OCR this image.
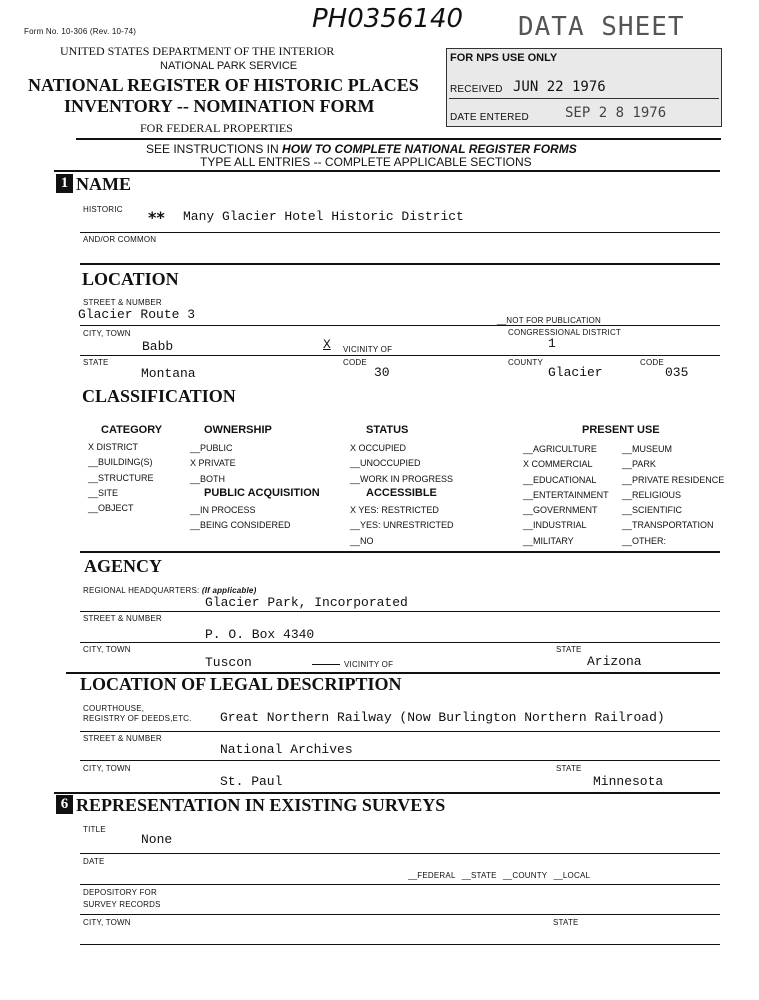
Form No. 10-306 (Rev. 10-74)	PH0356140 DATA SHEET
UNITED STATES DEPARTMENT OF THE INTERIOR
NATIONAL PARK SERVICE
NATIONAL REGISTER OF HISTORIC PLACES
INVENTORY -- NOMINATION FORM
FOR FEDERAL PROPERTIES
FOR NPS USE ONLY
RECEIVED JUN 22 1976
DATE ENTERED	SEP 2 8 1976
SEE INSTRUCTIONS IN HOW TO COMPLETE NATIONAL REGISTER FORMS
TYPE ALL ENTRIES -- COMPLETE APPLICABLE SECTIONS
1 NAME
HISTORIC ** Many Glacier Hotel Historic District
AND/OR COMMON
LOCATION
STREET & NUMBER
Glacier Route 3	__NOT FOR PUBLICATION
CITY, TOWN	CONGRESSIONAL DISTRICT
Babb	X VICINITY OF	1
STATE	CODE	COUNTY	CODE
Montana	30	Glacier	035
CLASSIFICATION
CATEGORY
X DISTRICT
__BUILDING(S)
__STRUCTURE
__SITE
__OBJECT
OWNERSHIP
__PUBLIC
X PRIVATE
__BOTH
PUBLIC ACQUISITION
__IN PROCESS
__BEING CONSIDERED
STATUS
X OCCUPIED
__UNOCCUPIED
__WORK IN PROGRESS
ACCESSIBLE
X YES: RESTRICTED
__YES: UNRESTRICTED
__NO
PRESENT USE
__AGRICULTURE
X COMMERCIAL
__EDUCATIONAL
__ENTERTAINMENT
__GOVERNMENT
__INDUSTRIAL
__MILITARY
__MUSEUM
__PARK
__PRIVATE RESIDENCE
__RELIGIOUS
__SCIENTIFIC
__TRANSPORTATION
__OTHER:
AGENCY
REGIONAL HEADQUARTERS: (If applicable)
Glacier Park, Incorporated
STREET & NUMBER
P. O. Box 4340
CITY, TOWN	STATE
Tuscon	VICINITY OF	Arizona
LOCATION OF LEGAL DESCRIPTION
COURTHOUSE,
REGISTRY OF DEEDS,ETC. Great Northern Railway (Now Burlington Northern Railroad)
STREET & NUMBER
National Archives
CITY, TOWN	STATE
St. Paul	Minnesota
6 REPRESENTATION IN EXISTING SURVEYS
TITLE
None
DATE
__FEDERAL __STATE __COUNTY __LOCAL
DEPOSITORY FOR
SURVEY RECORDS
CITY, TOWN	STATE
